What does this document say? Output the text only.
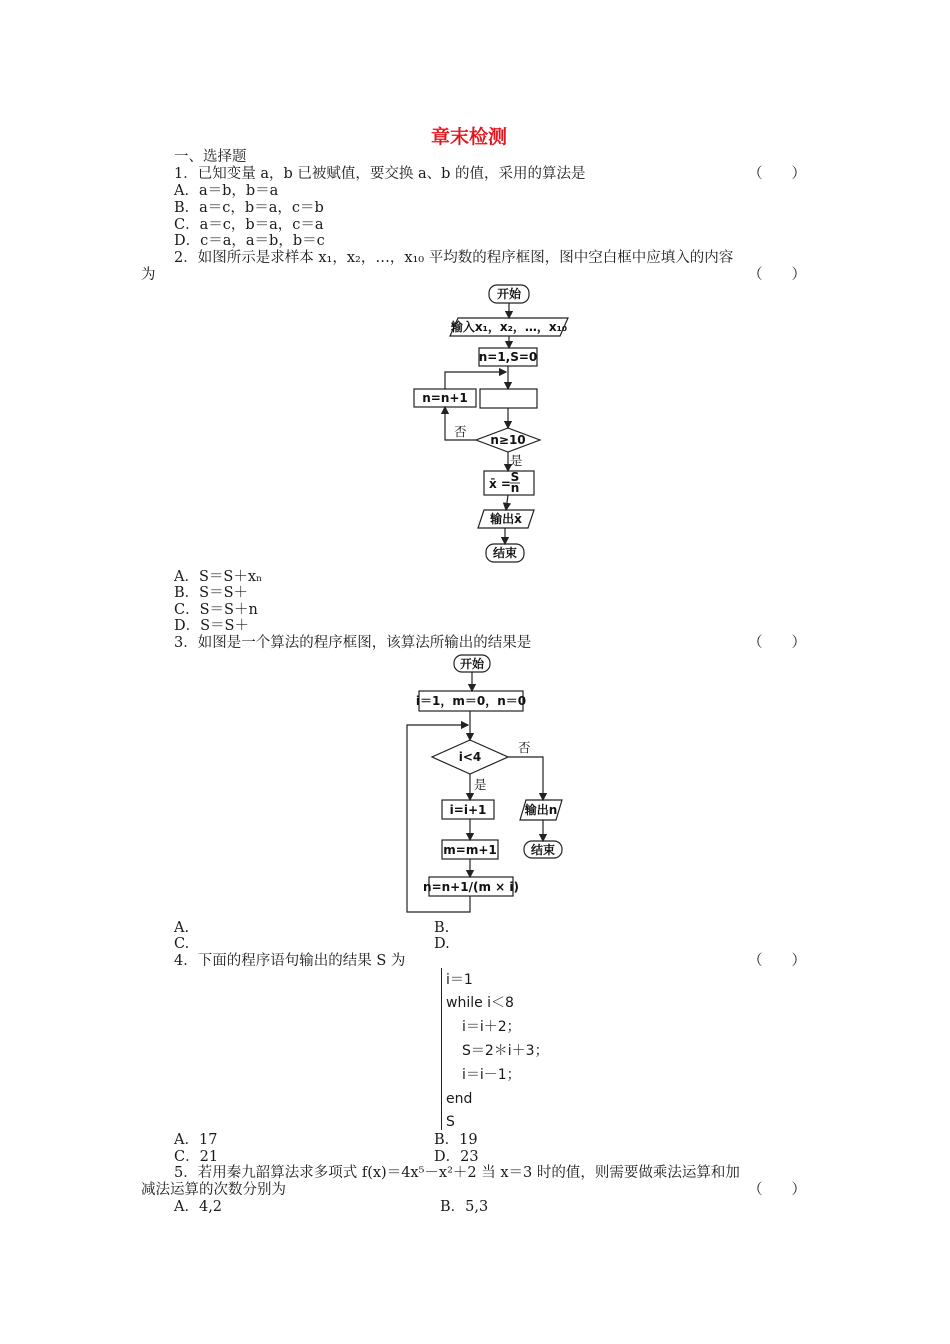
章末检测
一、选择题
1．已知变量 a，b 已被赋值，要交换 a、b 的值，采用的算法是	（　　）
A．a＝b，b＝a
B．a＝c，b＝a，c＝b
C．a＝c，b＝a，c＝a
D．c＝a，a＝b，b＝c
2．如图所示是求样本 x₁，x₂，…，x₁₀ 平均数的程序框图，图中空白框中应填入的内容
为	（　　）
开始
输入x₁，x₂，…，x₁₀
n=1,S=0
n=n+1
否
n≥10
是
x̄ = S
n
输出x̄
结束
A．S＝S＋xₙ
B．S＝S＋
C．S＝S＋n
D．S＝S＋
3．如图是一个算法的程序框图，该算法所输出的结果是	（　　）
开始
i＝1，m＝0，n＝0
i<4
否
是
i=i+1
m=m+1
n=n+1/(m × i)
输出n
结束
A.	B.
C.	D.
4．下面的程序语句输出的结果 S 为	（　　）
i＝1
while i＜8
i＝i＋2；
S＝2＊i＋3；
i＝i－1；
end
S
A．17	B．19
C．21	D．23
5．若用秦九韶算法求多项式 f(x)＝4x⁵－x²＋2 当 x＝3 时的值，则需要做乘法运算和加
减法运算的次数分别为	（　　）
A．4,2	B．5,3
